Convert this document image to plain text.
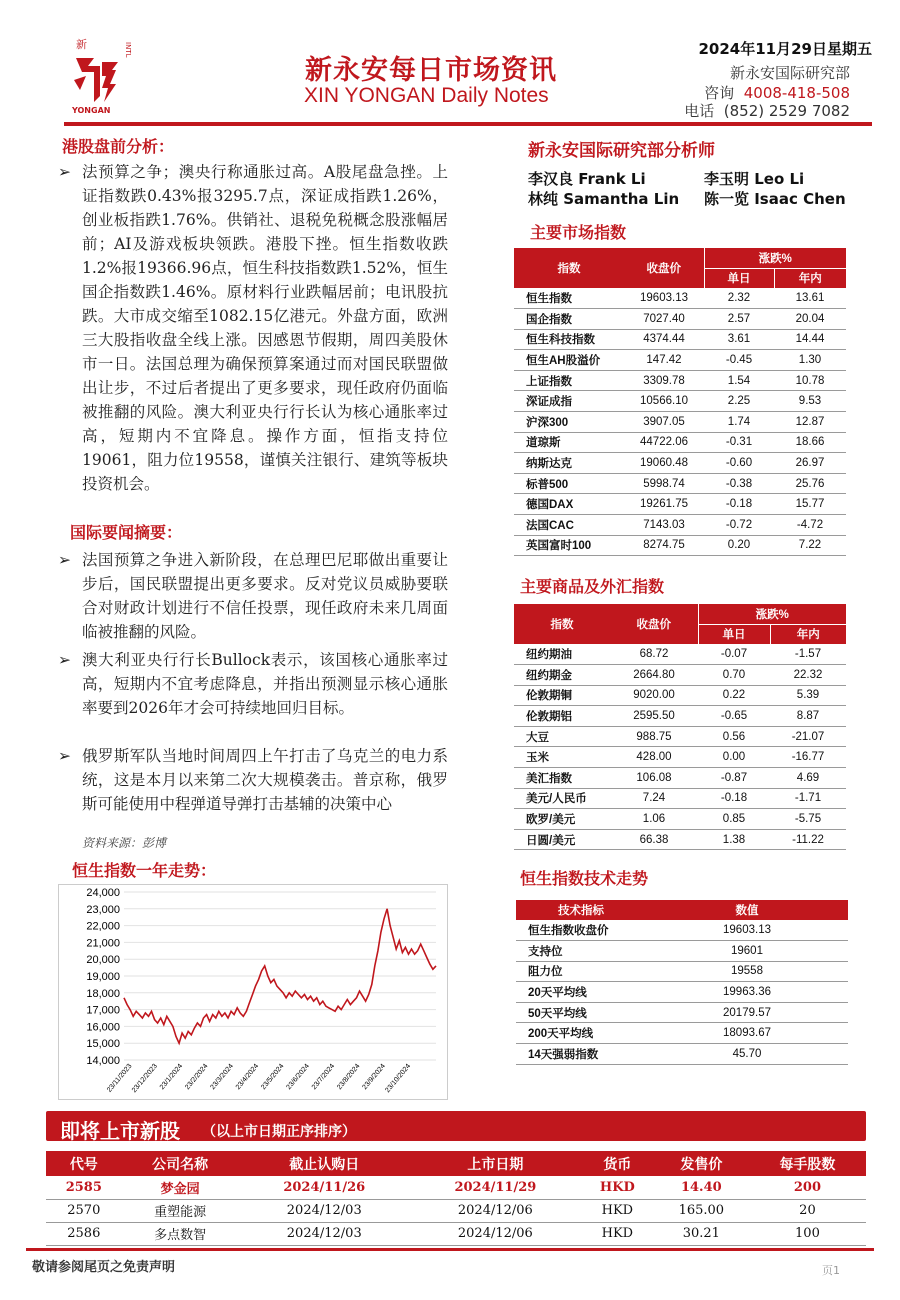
新	INTL
YONGAN
新永安每日市场资讯
XIN YONGAN Daily Notes
2024年11月29日星期五
新永安国际研究部
咨询 4008-418-508
电话 (852) 2529 7082
港股盘前分析：
➢ 法预算之争；澳央行称通胀过高。A股尾盘急挫。上证指数跌0.43%报3295.7点，深证成指跌1.26%，创业板指跌1.76%。供销社、退税免税概念股涨幅居前；AI及游戏板块领跌。港股下挫。恒生指数收跌1.2%报19366.96点，恒生科技指数跌1.52%，恒生国企指数跌1.46%。原材料行业跌幅居前；电讯股抗跌。大市成交缩至1082.15亿港元。外盘方面，欧洲三大股指收盘全线上涨。因感恩节假期，周四美股休市一日。法国总理为确保预算案通过而对国民联盟做出让步，不过后者提出了更多要求，现任政府仍面临被推翻的风险。澳大利亚央行行长认为核心通胀率过高，短期内不宜降息。操作方面，恒指支持位19061，阻力位19558，谨慎关注银行、建筑等板块投资机会。
国际要闻摘要：
➢ 法国预算之争进入新阶段，在总理巴尼耶做出重要让步后，国民联盟提出更多要求。反对党议员威胁要联合对财政计划进行不信任投票，现任政府未来几周面临被推翻的风险。
➢ 澳大利亚央行行长Bullock表示，该国核心通胀率过高，短期内不宜考虑降息，并指出预测显示核心通胀率要到2026年才会可持续地回归目标。
➢ 俄罗斯军队当地时间周四上午打击了乌克兰的电力系统，这是本月以来第二次大规模袭击。普京称，俄罗斯可能使用中程弹道导弹打击基辅的决策中心
资料来源：彭博
恒生指数一年走势：
24,000
23,000
22,000
21,000
20,000
19,000
18,000
17,000
16,000
15,000
14,000
23/11/2023
23/12/2023 23/1/2024 23/2/2024 23/3/2024 23/4/2024 23/5/2024 23/6/2024 23/7/2024 23/8/2024 23/9/2024
23/10/2024
新永安国际研究部分析师
李汉良 Frank Li	李玉明 Leo Li
林纯 Samantha Lin 陈一览 Isaac Chen
主要市场指数
指数	收盘价	涨跌%	
		单日	年内
恒生指数	19603.13	2.32	13.61
国企指数	7027.40	2.57	20.04
恒生科技指数	4374.44	3.61	14.44
恒生AH股溢价	147.42	-0.45	1.30
上证指数	3309.78	1.54	10.78
深证成指	10566.10	2.25	9.53
沪深300	3907.05	1.74	12.87
道琼斯	44722.06	-0.31	18.66
纳斯达克	19060.48	-0.60	26.97
标普500	5998.74	-0.38	25.76
德国DAX	19261.75	-0.18	15.77
法国CAC	7143.03	-0.72	-4.72
英国富时100	8274.75	0.20	7.22
主要商品及外汇指数
指数	收盘价	涨跌%	
		单日	年内
纽约期油	68.72	-0.07	-1.57
纽约期金	2664.80	0.70	22.32
伦敦期铜	9020.00	0.22	5.39
伦敦期铝	2595.50	-0.65	8.87
大豆	988.75	0.56	-21.07
玉米	428.00	0.00	-16.77
美汇指数	106.08	-0.87	4.69
美元/人民币	7.24	-0.18	-1.71
欧罗/美元	1.06	0.85	-5.75
日圆/美元	66.38	1.38	-11.22
恒生指数技术走势
技术指标	数值
恒生指数收盘价	19603.13
支持位	19601
阻力位	19558
20天平均线	19963.36
50天平均线	20179.57
200天平均线	18093.67
14天强弱指数	45.70
即将上市新股 （以上市日期正序排序）
代号	公司名称	截止认购日	上市日期	货币	发售价	每手股数
2585	梦金园	2024/11/26	2024/11/29	HKD	14.40	200
2570	重塑能源	2024/12/03	2024/12/06	HKD	165.00	20
2586	多点数智	2024/12/03	2024/12/06	HKD	30.21	100
敬请参阅尾页之免责声明	页1
